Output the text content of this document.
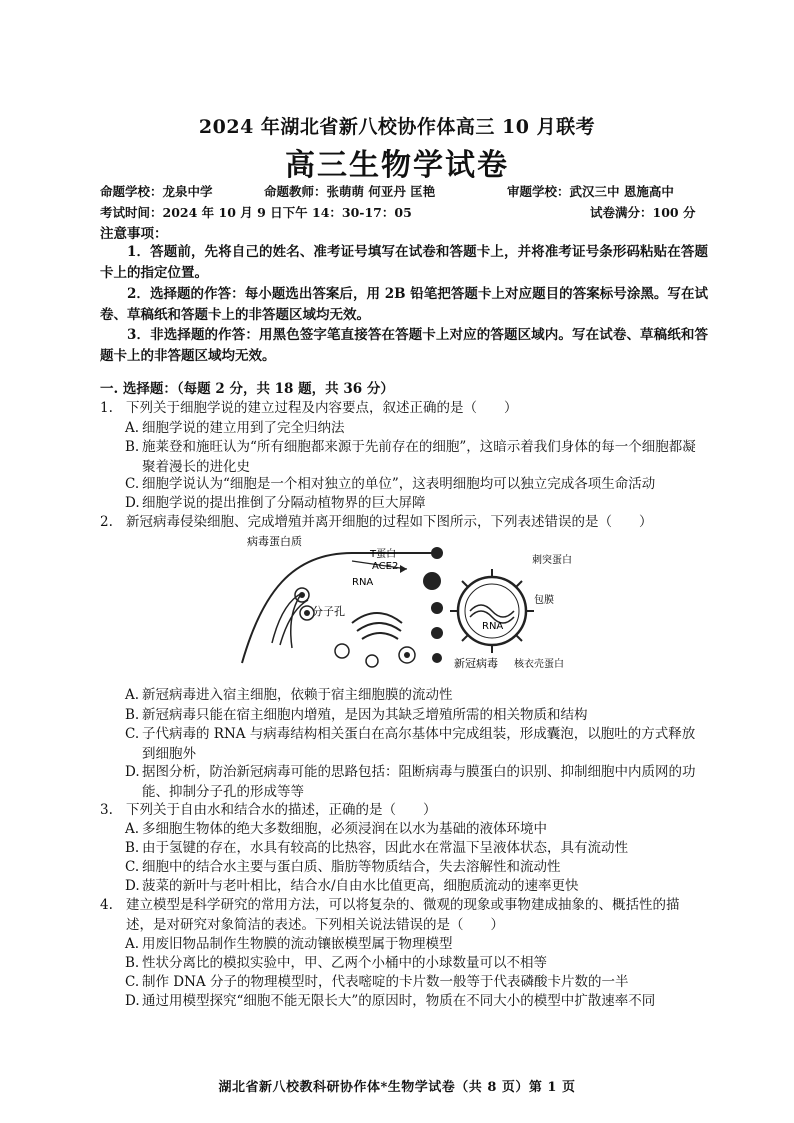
2024 年湖北省新八校协作体高三 10 月联考
高三生物学试卷
命题学校：龙泉中学	命题教师：张萌萌 何亚丹 匡艳	审题学校：武汉三中 恩施高中
考试时间：2024 年 10 月 9 日下午 14：30-17：05	试卷满分：100 分
注意事项：
1．答题前，先将自己的姓名、准考证号填写在试卷和答题卡上，并将准考证号条形码粘贴在答题卡上的指定位置。
2．选择题的作答：每小题选出答案后，用 2B 铅笔把答题卡上对应题目的答案标号涂黑。写在试卷、草稿纸和答题卡上的非答题区域均无效。
3．非选择题的作答：用黑色签字笔直接答在答题卡上对应的答题区域内。写在试卷、草稿纸和答题卡上的非答题区域均无效。
一. 选择题：（每题 2 分，共 18 题，共 36 分）
1. 下列关于细胞学说的建立过程及内容要点，叙述正确的是（　　）
A. 细胞学说的建立用到了完全归纳法
B. 施莱登和施旺认为“所有细胞都来源于先前存在的细胞”，这暗示着我们身体的每一个细胞都凝聚着漫长的进化史
C. 细胞学说认为“细胞是一个相对独立的单位”，这表明细胞均可以独立完成各项生命活动
D. 细胞学说的提出推倒了分隔动植物界的巨大屏障
2. 新冠病毒侵染细胞、完成增殖并离开细胞的过程如下图所示，下列表述错误的是（　　）
病毒蛋白质
T蛋白
ACE2
RNA
分子孔
刺突蛋白
包膜
RNA
新冠病毒 核衣壳蛋白
A. 新冠病毒进入宿主细胞，依赖于宿主细胞膜的流动性
B. 新冠病毒只能在宿主细胞内增殖，是因为其缺乏增殖所需的相关物质和结构
C. 子代病毒的 RNA 与病毒结构相关蛋白在高尔基体中完成组装，形成囊泡，以胞吐的方式释放到细胞外
D. 据图分析，防治新冠病毒可能的思路包括：阻断病毒与膜蛋白的识别、抑制细胞中内质网的功能、抑制分子孔的形成等等
3. 下列关于自由水和结合水的描述，正确的是（　　）
A. 多细胞生物体的绝大多数细胞，必须浸润在以水为基础的液体环境中
B. 由于氢键的存在，水具有较高的比热容，因此水在常温下呈液体状态，具有流动性
C. 细胞中的结合水主要与蛋白质、脂肪等物质结合，失去溶解性和流动性
D. 菠菜的新叶与老叶相比，结合水/自由水比值更高，细胞质流动的速率更快
4. 建立模型是科学研究的常用方法，可以将复杂的、微观的现象或事物建成抽象的、概括性的描述，是对研究对象简洁的表述。下列相关说法错误的是（　　）
A. 用废旧物品制作生物膜的流动镶嵌模型属于物理模型
B. 性状分离比的模拟实验中，甲、乙两个小桶中的小球数量可以不相等
C. 制作 DNA 分子的物理模型时，代表嘧啶的卡片数一般等于代表磷酸卡片数的一半
D. 通过用模型探究“细胞不能无限长大”的原因时，物质在不同大小的模型中扩散速率不同
湖北省新八校教科研协作体*生物学试卷（共 8 页）第 1 页
